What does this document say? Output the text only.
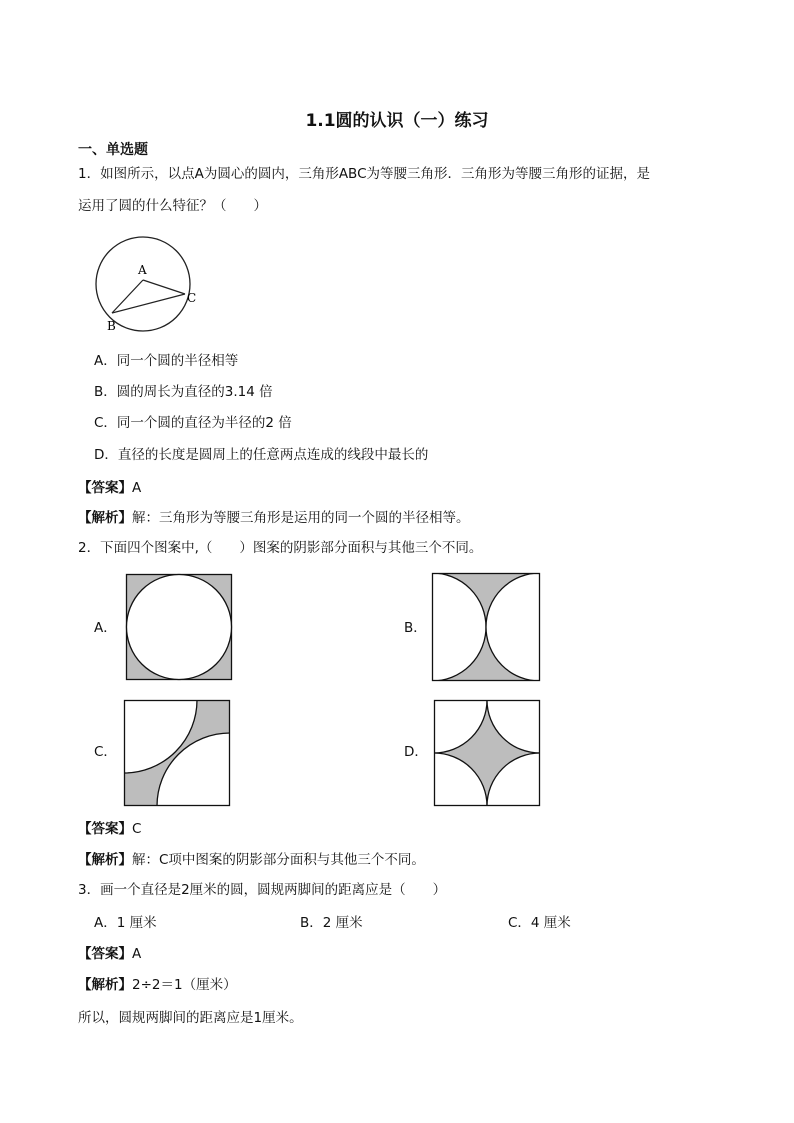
1.1圆的认识（一）练习
一、单选题
1．如图所示，以点A为圆心的圆内，三角形ABC为等腰三角形．三角形为等腰三角形的证据，是
运用了圆的什么特征？（　　）
A
B
C
A．同一个圆的半径相等
B．圆的周长为直径的3.14 倍
C．同一个圆的直径为半径的2 倍
D．直径的长度是圆周上的任意两点连成的线段中最长的
【答案】A
【解析】解：三角形为等腰三角形是运用的同一个圆的半径相等。
2．下面四个图案中,（　　）图案的阴影部分面积与其他三个不同。
A．	B．
C．	D．
【答案】C
【解析】解：C项中图案的阴影部分面积与其他三个不同。
3．画一个直径是2厘米的圆，圆规两脚间的距离应是（　　）
A．1 厘米	B．2 厘米	C．4 厘米
【答案】A
【解析】2÷2＝1（厘米）
所以，圆规两脚间的距离应是1厘米。
